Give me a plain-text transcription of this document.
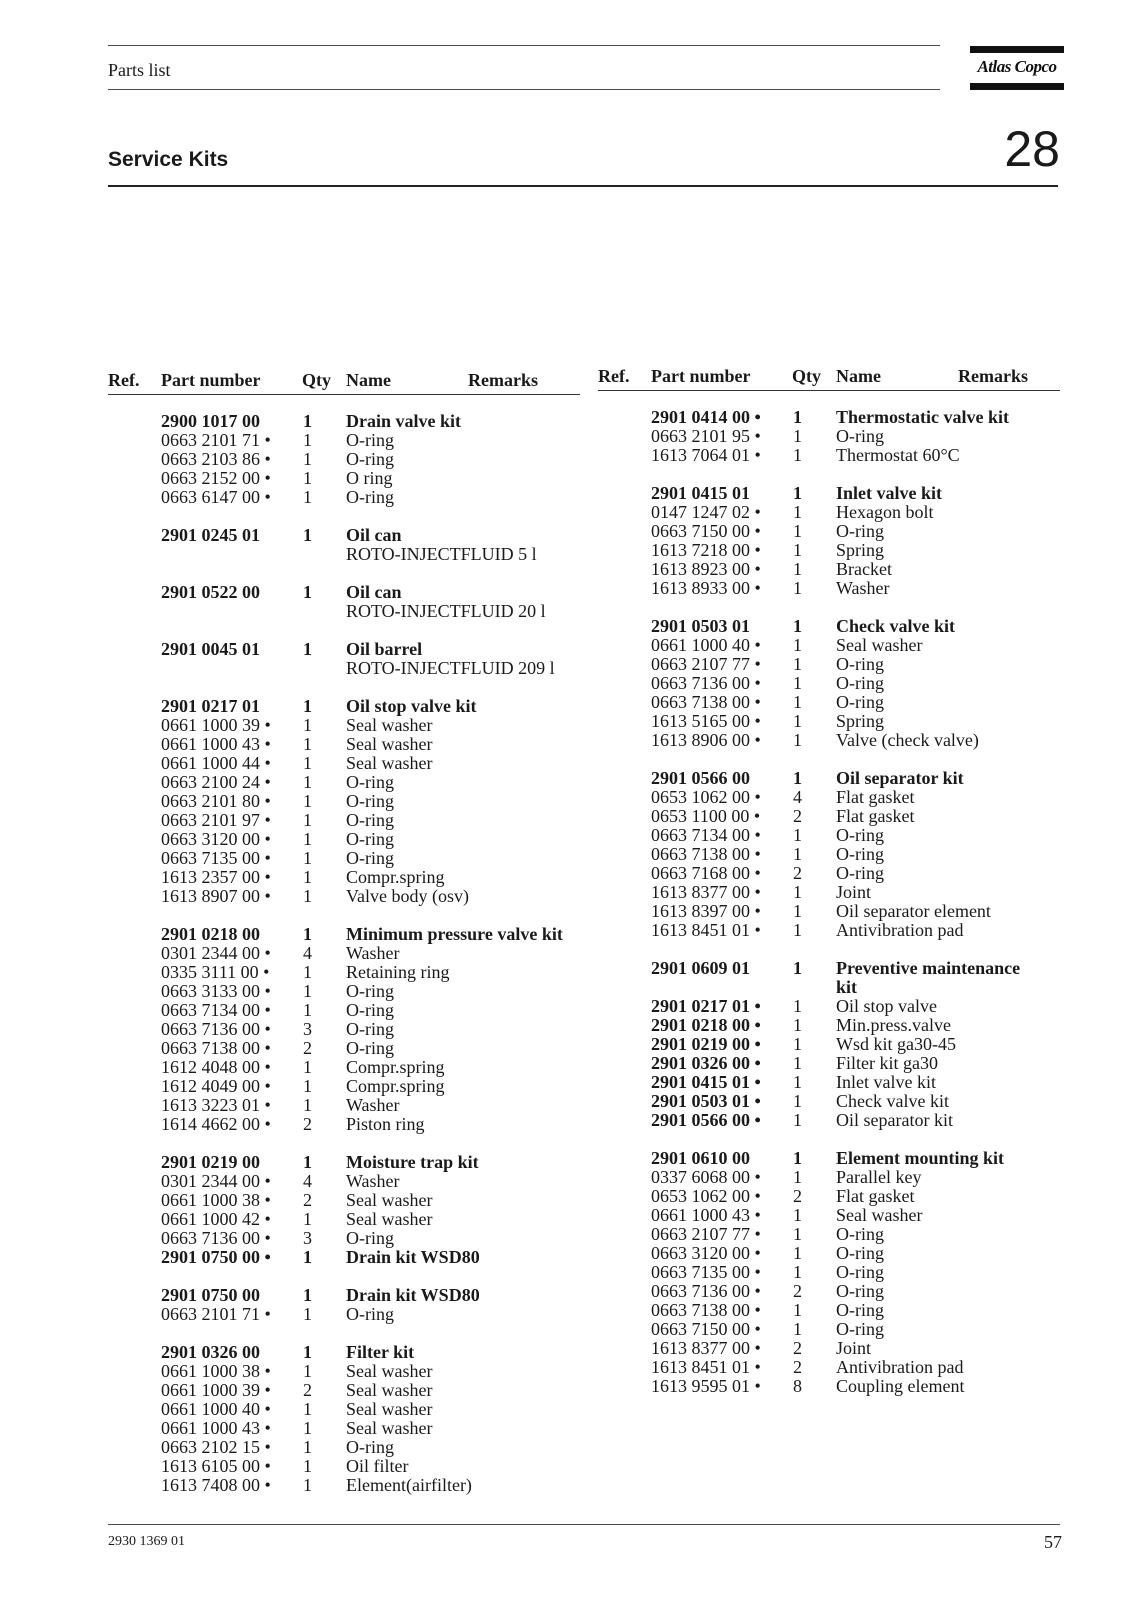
Parts list	Atlas Copco
Service Kits	28
Ref. Part number Qty Name	Remarks
2900 1017 00 1 Drain valve kit
0663 2101 71 • 1 O-ring
0663 2103 86 • 1 O-ring
0663 2152 00 • 1 O ring
0663 6147 00 • 1 O-ring
2901 0245 01 1 Oil can
ROTO-INJECTFLUID 5 l
2901 0522 00 1 Oil can
ROTO-INJECTFLUID 20 l
2901 0045 01 1 Oil barrel
ROTO-INJECTFLUID 209 l
2901 0217 01 1 Oil stop valve kit
0661 1000 39 • 1 Seal washer
0661 1000 43 • 1 Seal washer
0661 1000 44 • 1 Seal washer
0663 2100 24 • 1 O-ring
0663 2101 80 • 1 O-ring
0663 2101 97 • 1 O-ring
0663 3120 00 • 1 O-ring
0663 7135 00 • 1 O-ring
1613 2357 00 • 1 Compr.spring
1613 8907 00 • 1 Valve body (osv)
2901 0218 00 1 Minimum pressure valve kit
0301 2344 00 • 4 Washer
0335 3111 00 • 1 Retaining ring
0663 3133 00 • 1 O-ring
0663 7134 00 • 1 O-ring
0663 7136 00 • 3 O-ring
0663 7138 00 • 2 O-ring
1612 4048 00 • 1 Compr.spring
1612 4049 00 • 1 Compr.spring
1613 3223 01 • 1 Washer
1614 4662 00 • 2 Piston ring
2901 0219 00 1 Moisture trap kit
0301 2344 00 • 4 Washer
0661 1000 38 • 2 Seal washer
0661 1000 42 • 1 Seal washer
0663 7136 00 • 3 O-ring
2901 0750 00 • 1 Drain kit WSD80
2901 0750 00 1 Drain kit WSD80
0663 2101 71 • 1 O-ring
2901 0326 00 1 Filter kit
0661 1000 38 • 1 Seal washer
0661 1000 39 • 2 Seal washer
0661 1000 40 • 1 Seal washer
0661 1000 43 • 1 Seal washer
0663 2102 15 • 1 O-ring
1613 6105 00 • 1 Oil filter
1613 7408 00 • 1 Element(airfilter)
Ref. Part number Qty Name	Remarks
2901 0414 00 • 1 Thermostatic valve kit
0663 2101 95 • 1 O-ring
1613 7064 01 • 1 Thermostat 60°C
2901 0415 01 1 Inlet valve kit
0147 1247 02 • 1 Hexagon bolt
0663 7150 00 • 1 O-ring
1613 7218 00 • 1 Spring
1613 8923 00 • 1 Bracket
1613 8933 00 • 1 Washer
2901 0503 01 1 Check valve kit
0661 1000 40 • 1 Seal washer
0663 2107 77 • 1 O-ring
0663 7136 00 • 1 O-ring
0663 7138 00 • 1 O-ring
1613 5165 00 • 1 Spring
1613 8906 00 • 1 Valve (check valve)
2901 0566 00 1 Oil separator kit
0653 1062 00 • 4 Flat gasket
0653 1100 00 • 2 Flat gasket
0663 7134 00 • 1 O-ring
0663 7138 00 • 1 O-ring
0663 7168 00 • 2 O-ring
1613 8377 00 • 1 Joint
1613 8397 00 • 1 Oil separator element
1613 8451 01 • 1 Antivibration pad
2901 0609 01 1 Preventive maintenance
kit
2901 0217 01 • 1 Oil stop valve
2901 0218 00 • 1 Min.press.valve
2901 0219 00 • 1 Wsd kit ga30-45
2901 0326 00 • 1 Filter kit ga30
2901 0415 01 • 1 Inlet valve kit
2901 0503 01 • 1 Check valve kit
2901 0566 00 • 1 Oil separator kit
2901 0610 00 1 Element mounting kit
0337 6068 00 • 1 Parallel key
0653 1062 00 • 2 Flat gasket
0661 1000 43 • 1 Seal washer
0663 2107 77 • 1 O-ring
0663 3120 00 • 1 O-ring
0663 7135 00 • 1 O-ring
0663 7136 00 • 2 O-ring
0663 7138 00 • 1 O-ring
0663 7150 00 • 1 O-ring
1613 8377 00 • 2 Joint
1613 8451 01 • 2 Antivibration pad
1613 9595 01 • 8 Coupling element
2930 1369 01	57
